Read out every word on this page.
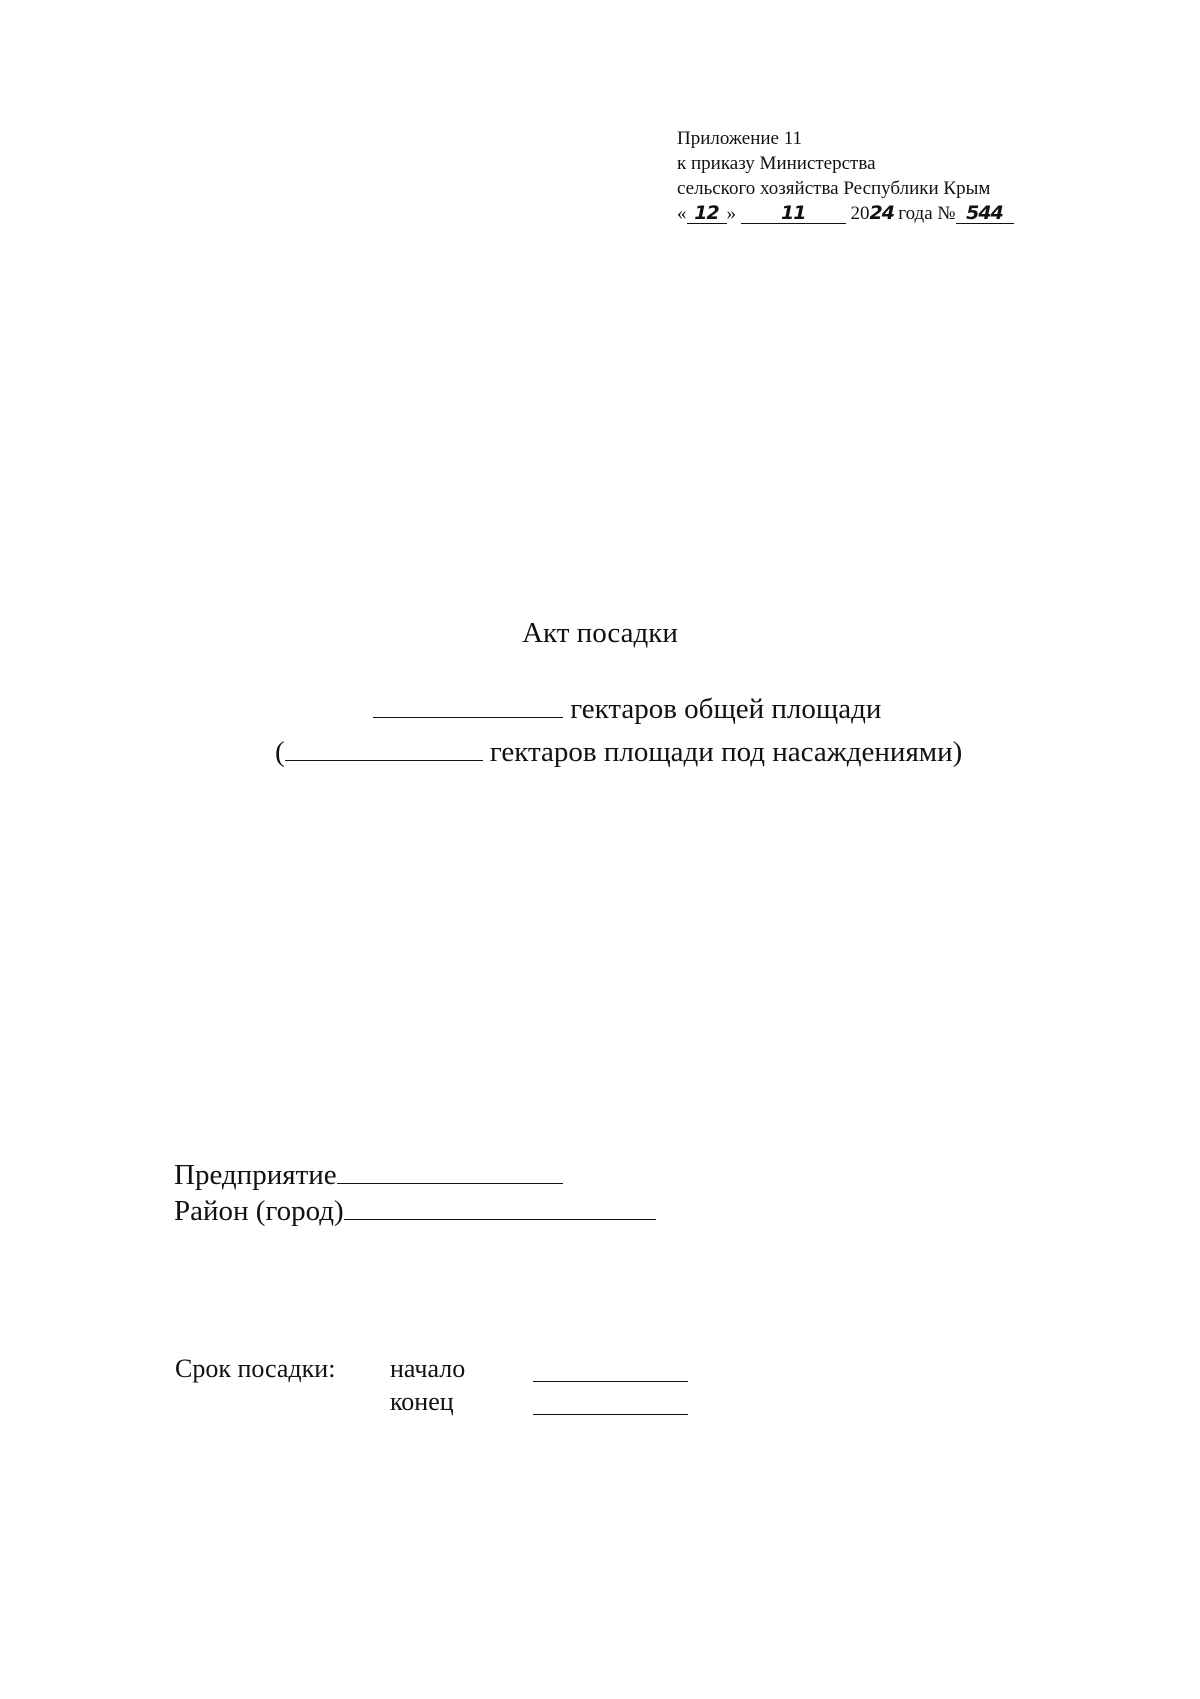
Приложение 11
к приказу Министерства
сельского хозяйства Республики Крым
« 12 » 11 2024 года № 544
Акт посадки
гектаров общей площади
(	гектаров площади под насаждениями)
Предприятие
Район (город)
Срок посадки: начало
конец
